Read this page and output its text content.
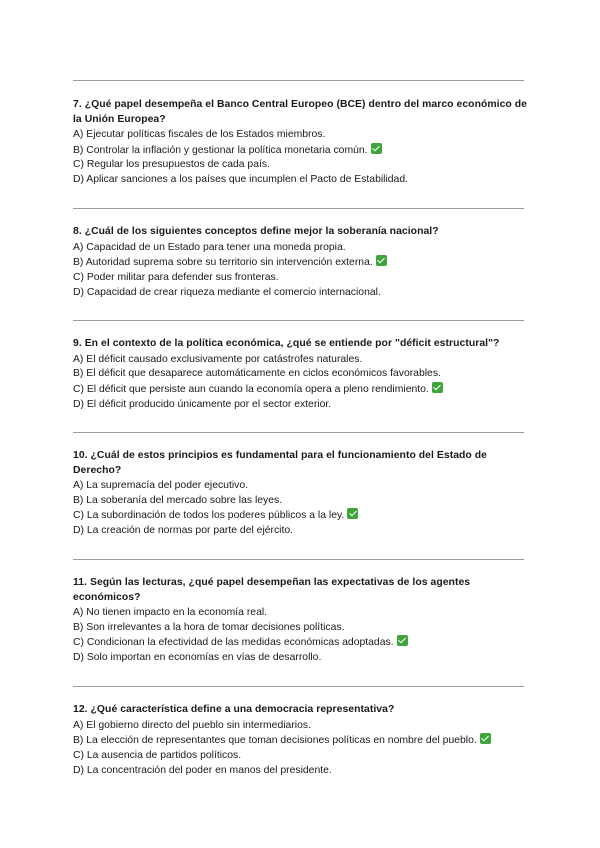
7. ¿Qué papel desempeña el Banco Central Europeo (BCE) dentro del marco económico de la Unión Europea?

A) Ejecutar políticas fiscales de los Estados miembros.

B) Controlar la inflación y gestionar la política monetaria común.

C) Regular los presupuestos de cada país.

D) Aplicar sanciones a los países que incumplen el Pacto de Estabilidad.

8. ¿Cuál de los siguientes conceptos define mejor la soberanía nacional?

A) Capacidad de un Estado para tener una moneda propia.

B) Autoridad suprema sobre su territorio sin intervención externa.

C) Poder militar para defender sus fronteras.

D) Capacidad de crear riqueza mediante el comercio internacional.

9. En el contexto de la política económica, ¿qué se entiende por "déficit estructural"?

A) El déficit causado exclusivamente por catástrofes naturales.

B) El déficit que desaparece automáticamente en ciclos económicos favorables.

C) El déficit que persiste aun cuando la economía opera a pleno rendimiento.

D) El déficit producido únicamente por el sector exterior.

10. ¿Cuál de estos principios es fundamental para el funcionamiento del Estado de Derecho?

A) La supremacía del poder ejecutivo.

B) La soberanía del mercado sobre las leyes.

C) La subordinación de todos los poderes públicos a la ley.

D) La creación de normas por parte del ejército.

11. Según las lecturas, ¿qué papel desempeñan las expectativas de los agentes económicos?

A) No tienen impacto en la economía real.

B) Son irrelevantes a la hora de tomar decisiones políticas.

C) Condicionan la efectividad de las medidas económicas adoptadas.

D) Solo importan en economías en vías de desarrollo.

12. ¿Qué característica define a una democracia representativa?

A) El gobierno directo del pueblo sin intermediarios.

B) La elección de representantes que toman decisiones políticas en nombre del pueblo.

C) La ausencia de partidos políticos.

D) La concentración del poder en manos del presidente.
